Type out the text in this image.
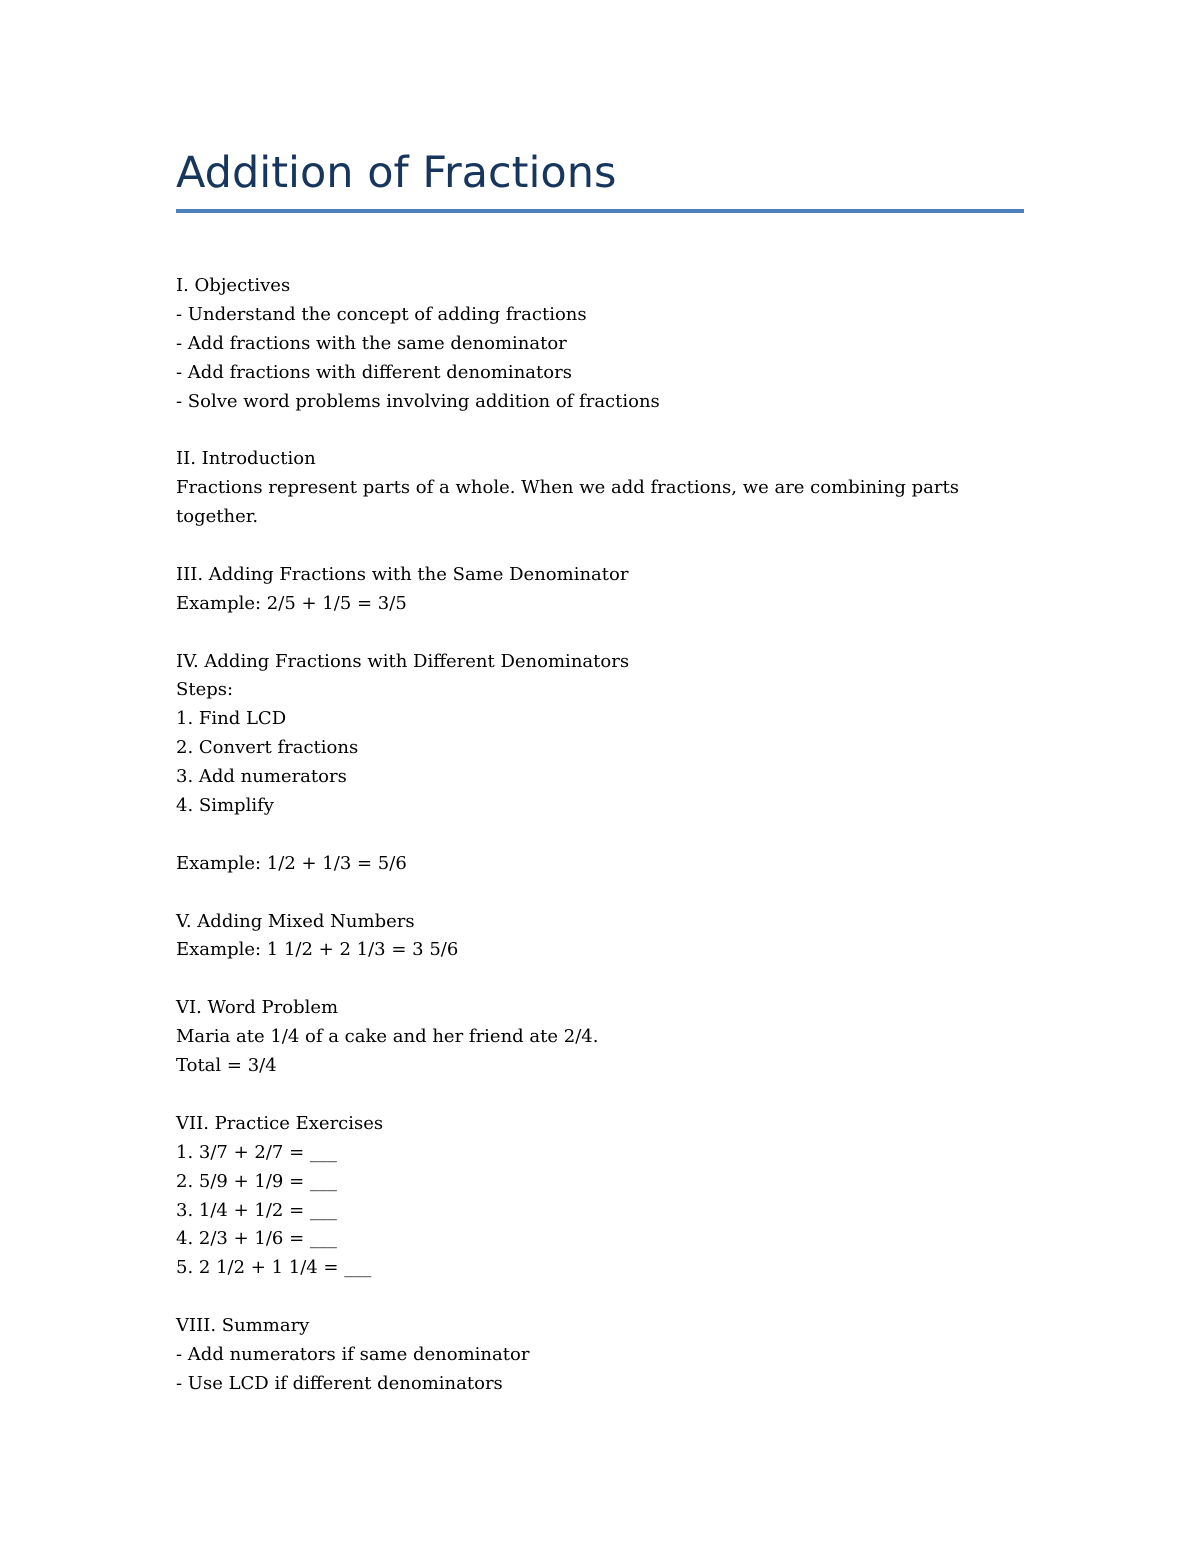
Addition of Fractions
I. Objectives
- Understand the concept of adding fractions
- Add fractions with the same denominator
- Add fractions with different denominators
- Solve word problems involving addition of fractions
II. Introduction
Fractions represent parts of a whole. When we add fractions, we are combining parts
together.
III. Adding Fractions with the Same Denominator
Example: 2/5 + 1/5 = 3/5
IV. Adding Fractions with Different Denominators
Steps:
1. Find LCD
2. Convert fractions
3. Add numerators
4. Simplify
Example: 1/2 + 1/3 = 5/6
V. Adding Mixed Numbers
Example: 1 1/2 + 2 1/3 = 3 5/6
VI. Word Problem
Maria ate 1/4 of a cake and her friend ate 2/4.
Total = 3/4
VII. Practice Exercises
1. 3/7 + 2/7 = ___
2. 5/9 + 1/9 = ___
3. 1/4 + 1/2 = ___
4. 2/3 + 1/6 = ___
5. 2 1/2 + 1 1/4 = ___
VIII. Summary
- Add numerators if same denominator
- Use LCD if different denominators
